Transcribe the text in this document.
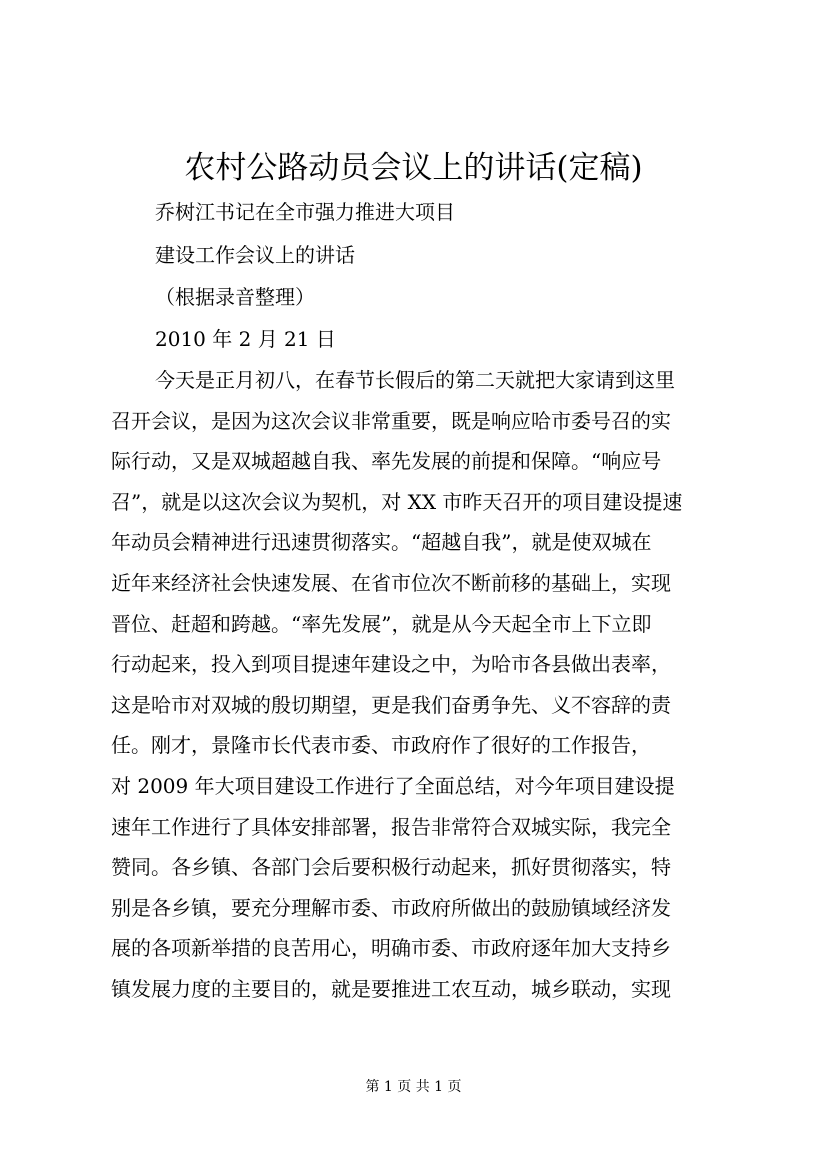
农村公路动员会议上的讲话(定稿)
乔树江书记在全市强力推进大项目
建设工作会议上的讲话
（根据录音整理）
2010 年 2 月 21 日
今天是正月初八，在春节长假后的第二天就把大家请到这里
召开会议，是因为这次会议非常重要，既是响应哈市委号召的实
际行动，又是双城超越自我、率先发展的前提和保障。“响应号
召”，就是以这次会议为契机，对 XX 市昨天召开的项目建设提速
年动员会精神进行迅速贯彻落实。“超越自我”，就是使双城在
近年来经济社会快速发展、在省市位次不断前移的基础上，实现
晋位、赶超和跨越。“率先发展”，就是从今天起全市上下立即
行动起来，投入到项目提速年建设之中，为哈市各县做出表率，
这是哈市对双城的殷切期望，更是我们奋勇争先、义不容辞的责
任。刚才，景隆市长代表市委、市政府作了很好的工作报告，
对 2009 年大项目建设工作进行了全面总结，对今年项目建设提
速年工作进行了具体安排部署，报告非常符合双城实际，我完全
赞同。各乡镇、各部门会后要积极行动起来，抓好贯彻落实，特
别是各乡镇，要充分理解市委、市政府所做出的鼓励镇域经济发
展的各项新举措的良苦用心，明确市委、市政府逐年加大支持乡
镇发展力度的主要目的，就是要推进工农互动，城乡联动，实现
第 1 页 共 1 页
